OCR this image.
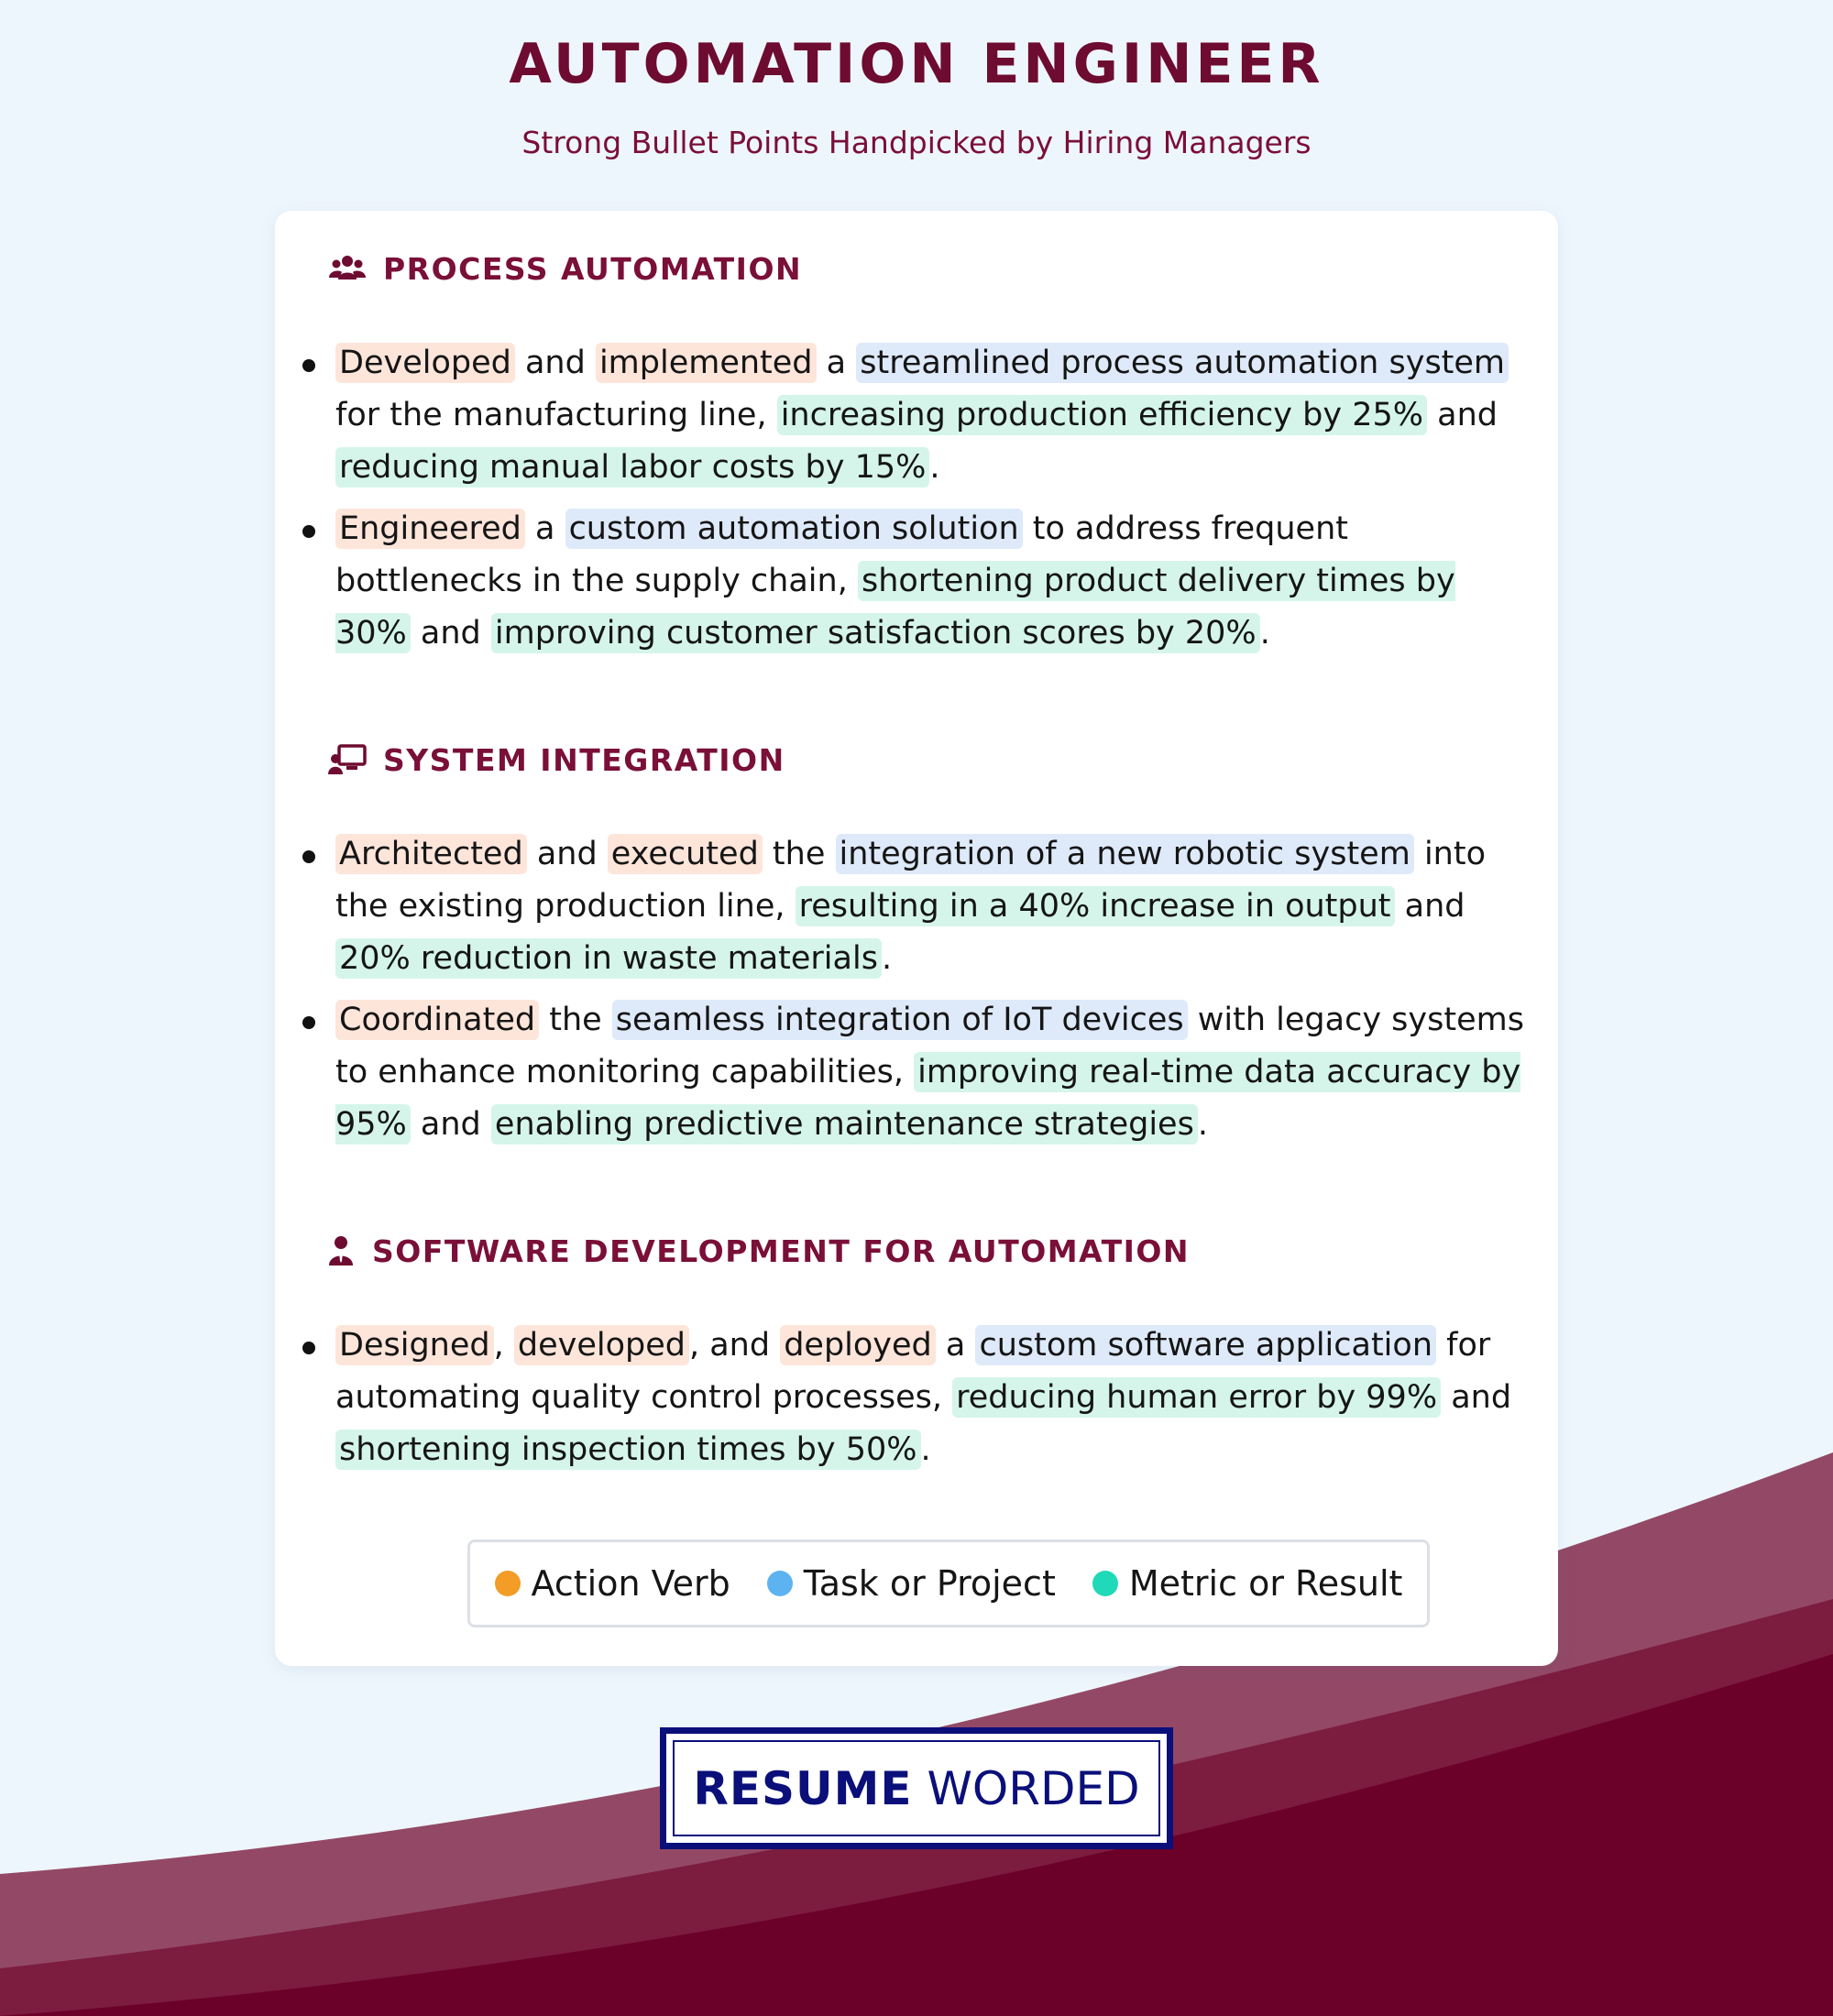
AUTOMATION ENGINEER
Strong Bullet Points Handpicked by Hiring Managers
PROCESS AUTOMATION
Developed and implemented a streamlined process automation system for the manufacturing line, increasing production efficiency by 25% and reducing manual labor costs by 15% .
Engineered a custom automation solution to address frequent bottlenecks in the supply chain, shortening product delivery times by 30% and improving customer satisfaction scores by 20% .
SYSTEM INTEGRATION
Architected and executed the integration of a new robotic system into the existing production line, resulting in a 40% increase in output and 20% reduction in waste materials .
Coordinated the seamless integration of IoT devices with legacy systems to enhance monitoring capabilities, improving real-time data accuracy by 95% and enabling predictive maintenance strategies .
SOFTWARE DEVELOPMENT FOR AUTOMATION
Designed , developed , and deployed a custom software application for automating quality control processes, reducing human error by 99% and shortening inspection times by 50% .
Action Verb Task or Project Metric or Result
RESUME WORDED
